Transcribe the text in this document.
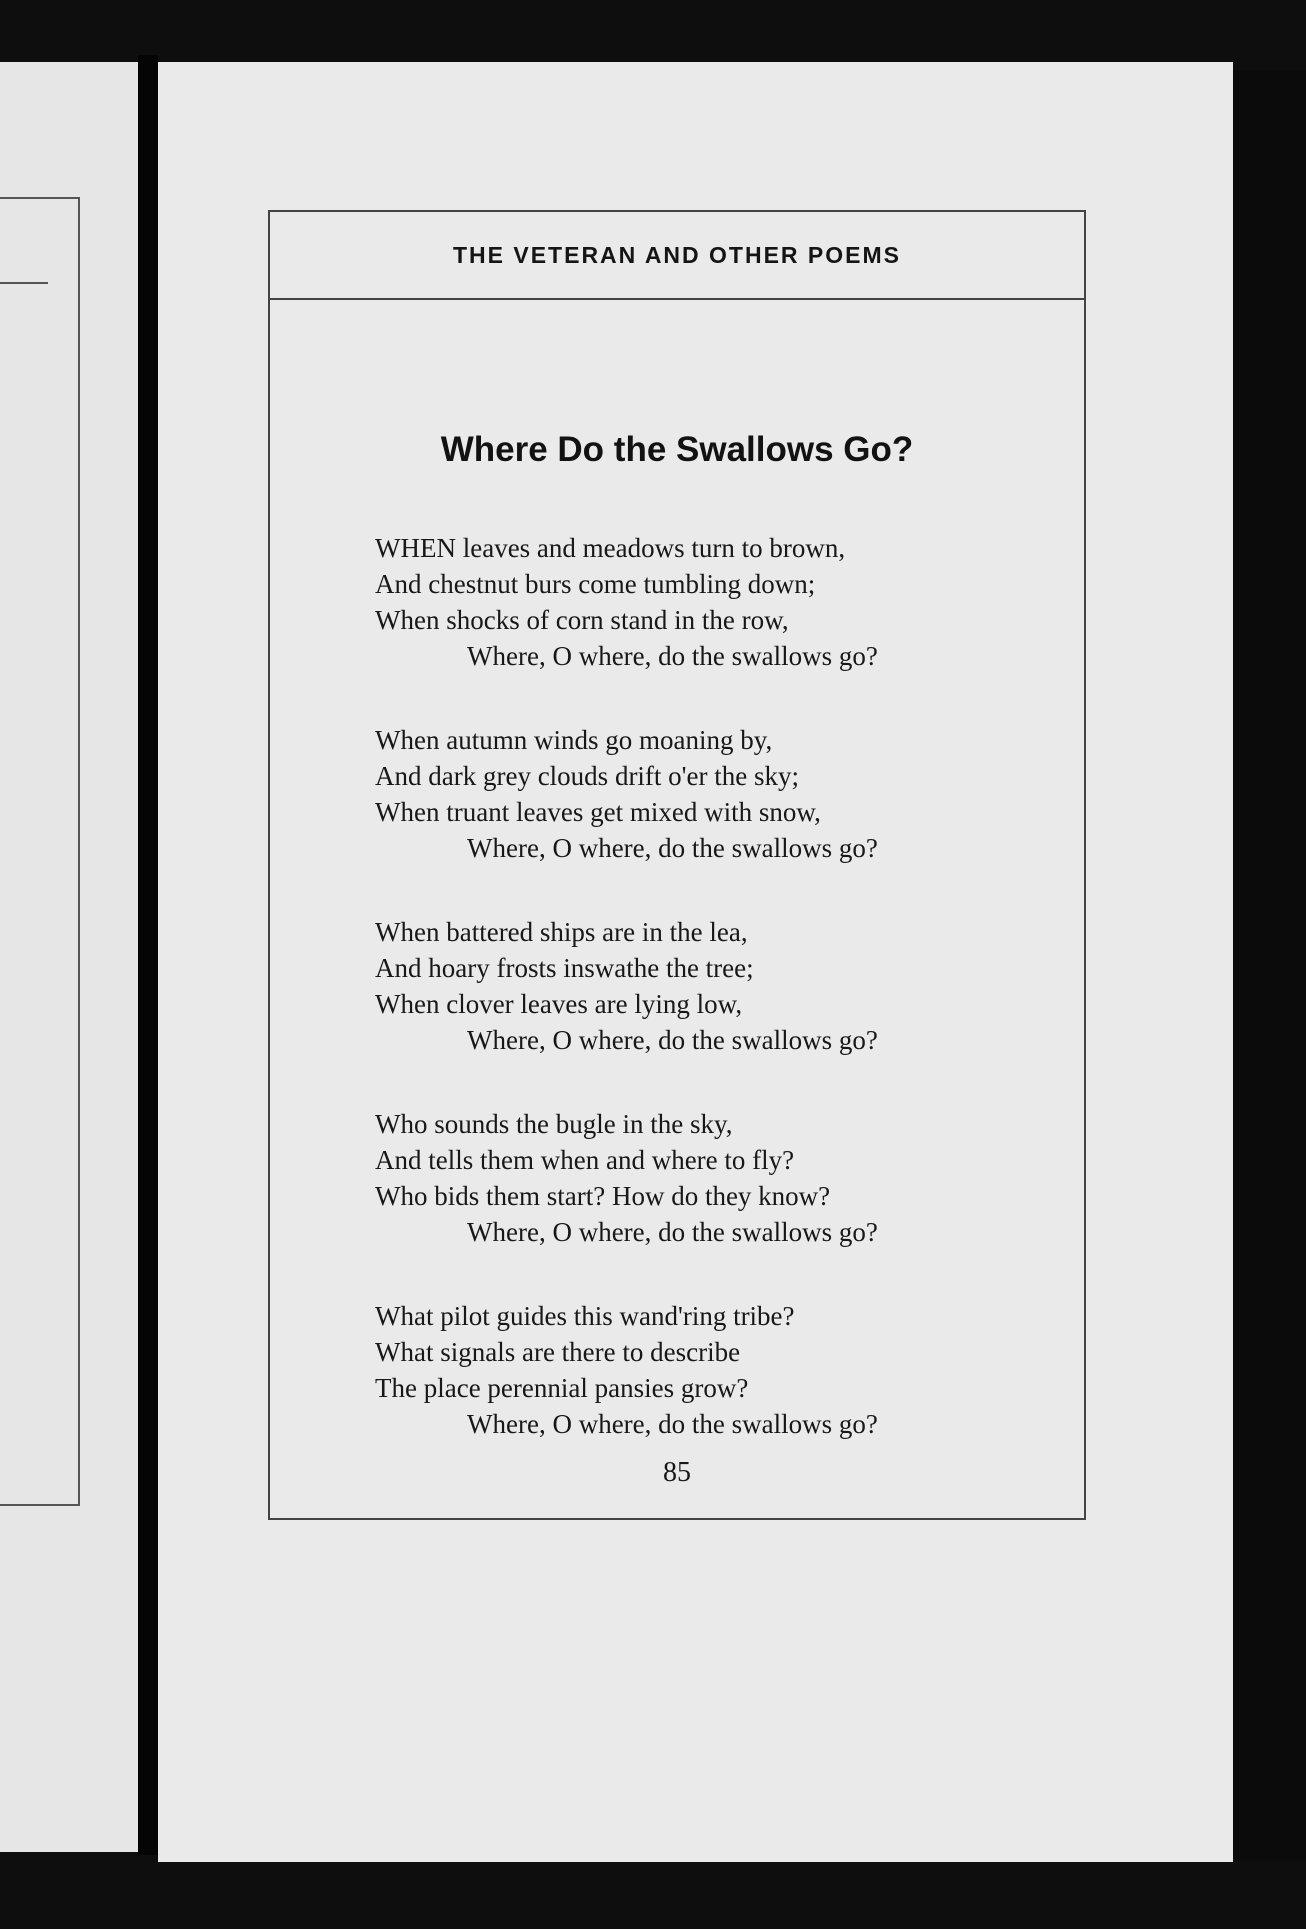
THE VETERAN AND OTHER POEMS
Where Do the Swallows Go?
WHEN leaves and meadows turn to brown,
And chestnut burs come tumbling down;
When shocks of corn stand in the row,
Where, O where, do the swallows go?
When autumn winds go moaning by,
And dark grey clouds drift o'er the sky;
When truant leaves get mixed with snow,
Where, O where, do the swallows go?
When battered ships are in the lea,
And hoary frosts inswathe the tree;
When clover leaves are lying low,
Where, O where, do the swallows go?
Who sounds the bugle in the sky,
And tells them when and where to fly?
Who bids them start? How do they know?
Where, O where, do the swallows go?
What pilot guides this wand'ring tribe?
What signals are there to describe
The place perennial pansies grow?
Where, O where, do the swallows go?
85
